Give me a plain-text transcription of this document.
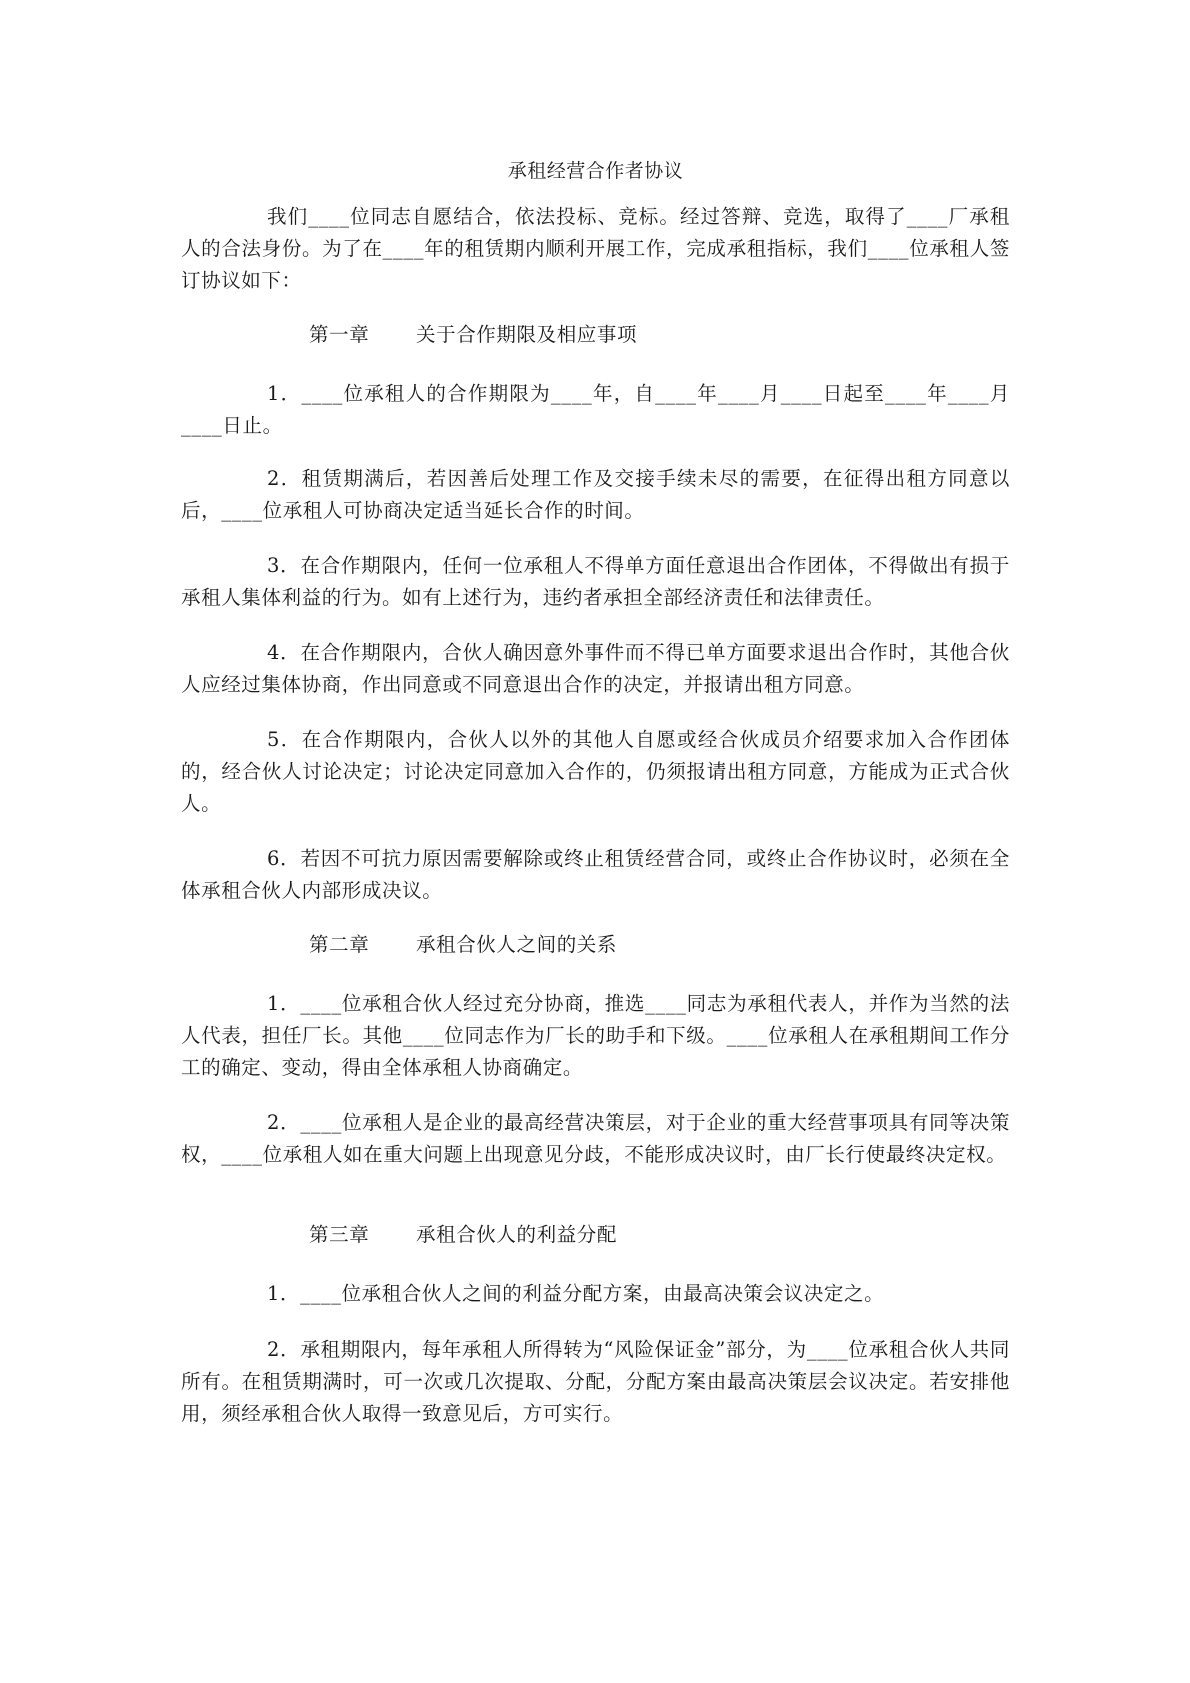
承租经营合作者协议

我们____位同志自愿结合，依法投标、竞标。经过答辩、竞选，取得了____厂承租人的合法身份。为了在____年的租赁期内顺利开展工作，完成承租指标，我们____位承租人签订协议如下：

第一章 关于合作期限及相应事项

1．____位承租人的合作期限为____年，自____年____月____日起至____年____月____日止。

2．租赁期满后，若因善后处理工作及交接手续未尽的需要，在征得出租方同意以后，____位承租人可协商决定适当延长合作的时间。

3．在合作期限内，任何一位承租人不得单方面任意退出合作团体，不得做出有损于承租人集体利益的行为。如有上述行为，违约者承担全部经济责任和法律责任。

4．在合作期限内，合伙人确因意外事件而不得已单方面要求退出合作时，其他合伙人应经过集体协商，作出同意或不同意退出合作的决定，并报请出租方同意。

5．在合作期限内，合伙人以外的其他人自愿或经合伙成员介绍要求加入合作团体的，经合伙人讨论决定；讨论决定同意加入合作的，仍须报请出租方同意，方能成为正式合伙人。

6．若因不可抗力原因需要解除或终止租赁经营合同，或终止合作协议时，必须在全体承租合伙人内部形成决议。

第二章 承租合伙人之间的关系

1．____位承租合伙人经过充分协商，推选____同志为承租代表人，并作为当然的法人代表，担任厂长。其他____位同志作为厂长的助手和下级。____位承租人在承租期间工作分工的确定、变动，得由全体承租人协商确定。

2．____位承租人是企业的最高经营决策层，对于企业的重大经营事项具有同等决策权，____位承租人如在重大问题上出现意见分歧，不能形成决议时，由厂长行使最终决定权。

第三章 承租合伙人的利益分配

1．____位承租合伙人之间的利益分配方案，由最高决策会议决定之。

2．承租期限内，每年承租人所得转为“风险保证金”部分，为____位承租合伙人共同所有。在租赁期满时，可一次或几次提取、分配，分配方案由最高决策层会议决定。若安排他用，须经承租合伙人取得一致意见后，方可实行。
